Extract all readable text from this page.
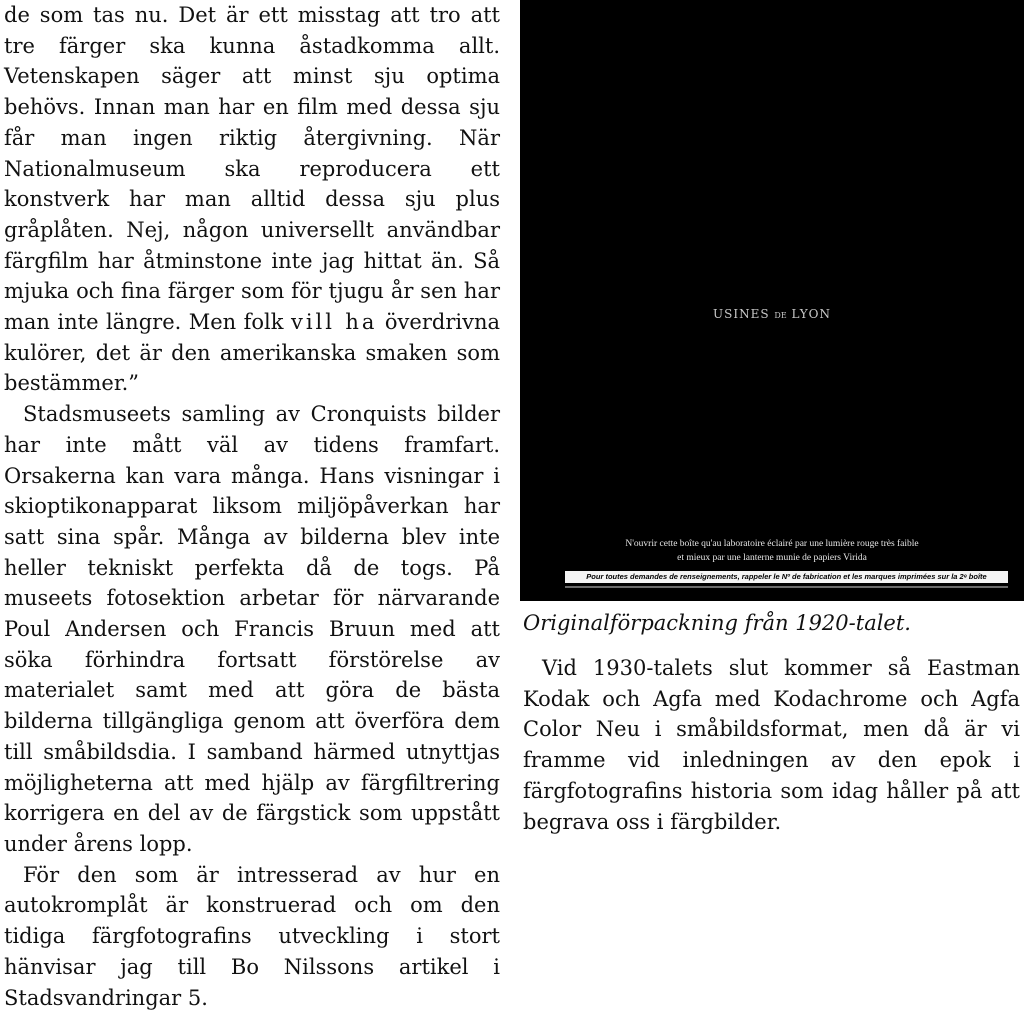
de som tas nu. Det är ett misstag att tro att tre färger ska kunna åstadkomma allt. Vetenskapen säger att minst sju optima behövs. Innan man har en film med dessa sju får man ingen riktig återgivning. När Nationalmuseum ska reproducera ett konstverk har man alltid dessa sju plus gråplåten. Nej, någon universellt användbar färgfilm har åtminstone inte jag hittat än. Så mjuka och fina färger som för tjugu år sen har man inte längre. Men folk vill ha överdrivna kulörer, det är den amerikanska smaken som bestämmer.”

Stadsmuseets samling av Cronquists bilder har inte mått väl av tidens framfart. Orsakerna kan vara många. Hans visningar i skioptikonapparat liksom miljöpåverkan har satt sina spår. Många av bilderna blev inte heller tekniskt perfekta då de togs. På museets fotosektion arbetar för närvarande Poul Andersen och Francis Bruun med att söka förhindra fortsatt förstörelse av materialet samt med att göra de bästa bilderna tillgängliga genom att överföra dem till småbildsdia. I samband härmed utnyttjas möjligheterna att med hjälp av färgfiltrering korrigera en del av de färgstick som uppstått under årens lopp.

För den som är intresserad av hur en autokromplåt är konstruerad och om den tidiga färgfotografins utveckling i stort hänvisar jag till Bo Nilssons artikel i Stadsvandringar 5.

USINES DE LYON
N'ouvrir cette boîte qu'au laboratoire éclairé par une lumière rouge très faible
et mieux par une lanterne munie de papiers Virida
Pour toutes demandes de renseignements, rappeler le Nº de fabrication et les marques imprimées sur la 2ᵉ boîte
Originalförpackning från 1920-talet.

Vid 1930-talets slut kommer så Eastman Kodak och Agfa med Kodachrome och Agfa Color Neu i småbildsformat, men då är vi framme vid inledningen av den epok i färgfotografins historia som idag håller på att begrava oss i färgbilder.
